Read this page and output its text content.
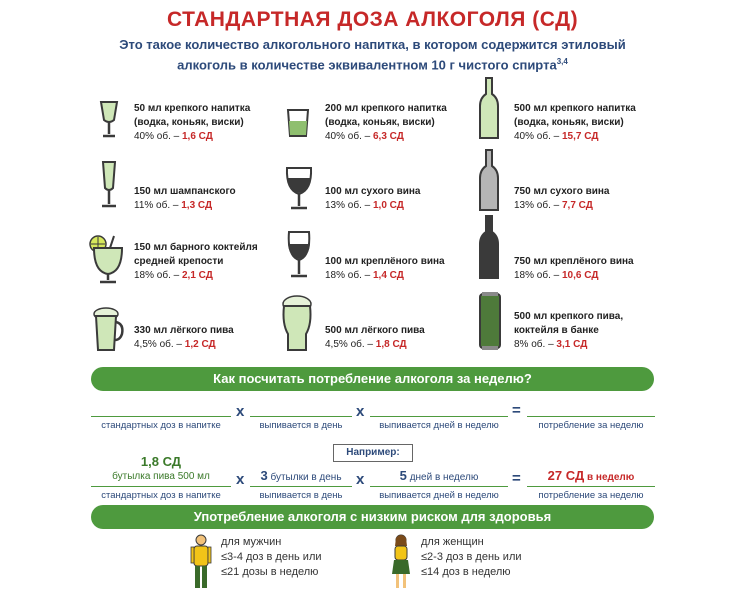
СТАНДАРТНАЯ ДОЗА АЛКОГОЛЯ (СД)
Это такое количество алкогольного напитка, в котором содержится этиловый
алкоголь в количестве эквивалентном 10 г чистого спирта$^{3,4}$
50 мл крепкого напитка
(водка, коньяк, виски)
40% об. – 1,6 СД
200 мл крепкого напитка
(водка, коньяк, виски)
40% об. – 6,3 СД
500 мл крепкого напитка
(водка, коньяк, виски)
40% об. – 15,7 СД
150 мл шампанского
11% об. – 1,3 СД
100 мл сухого вина
13% об. – 1,0 СД
750 мл сухого вина
13% об. – 7,7 СД
150 мл барного коктейля
средней крепости
18% об. – 2,1 СД
100 мл креплёного вина
18% об. – 1,4 СД
750 мл креплёного вина
18% об. – 10,6 СД
330 мл лёгкого пива
4,5% об. – 1,2 СД
500 мл лёгкого пива
4,5% об. – 1,8 СД
500 мл крепкого пива,
коктейля в банке
8% об. – 3,1 СД
Как посчитать потребление алкоголя за неделю?
x	x	=
стандартных доз в напитке	выпивается в день	выпивается дней в неделю	потребление за неделю
Например:
1,8 СД
бутылка пива 500 мл	3 бутылки в день	5 дней в неделю	27 СД в неделю
x	x	=
стандартных доз в напитке	выпивается в день	выпивается дней в неделю	потребление за неделю
Употребление алкоголя с низким риском для здоровья
для мужчин
≤3-4 доз в день или
≤21 дозы в неделю
для женщин
≤2-3 доз в день или
≤14 доз в неделю
